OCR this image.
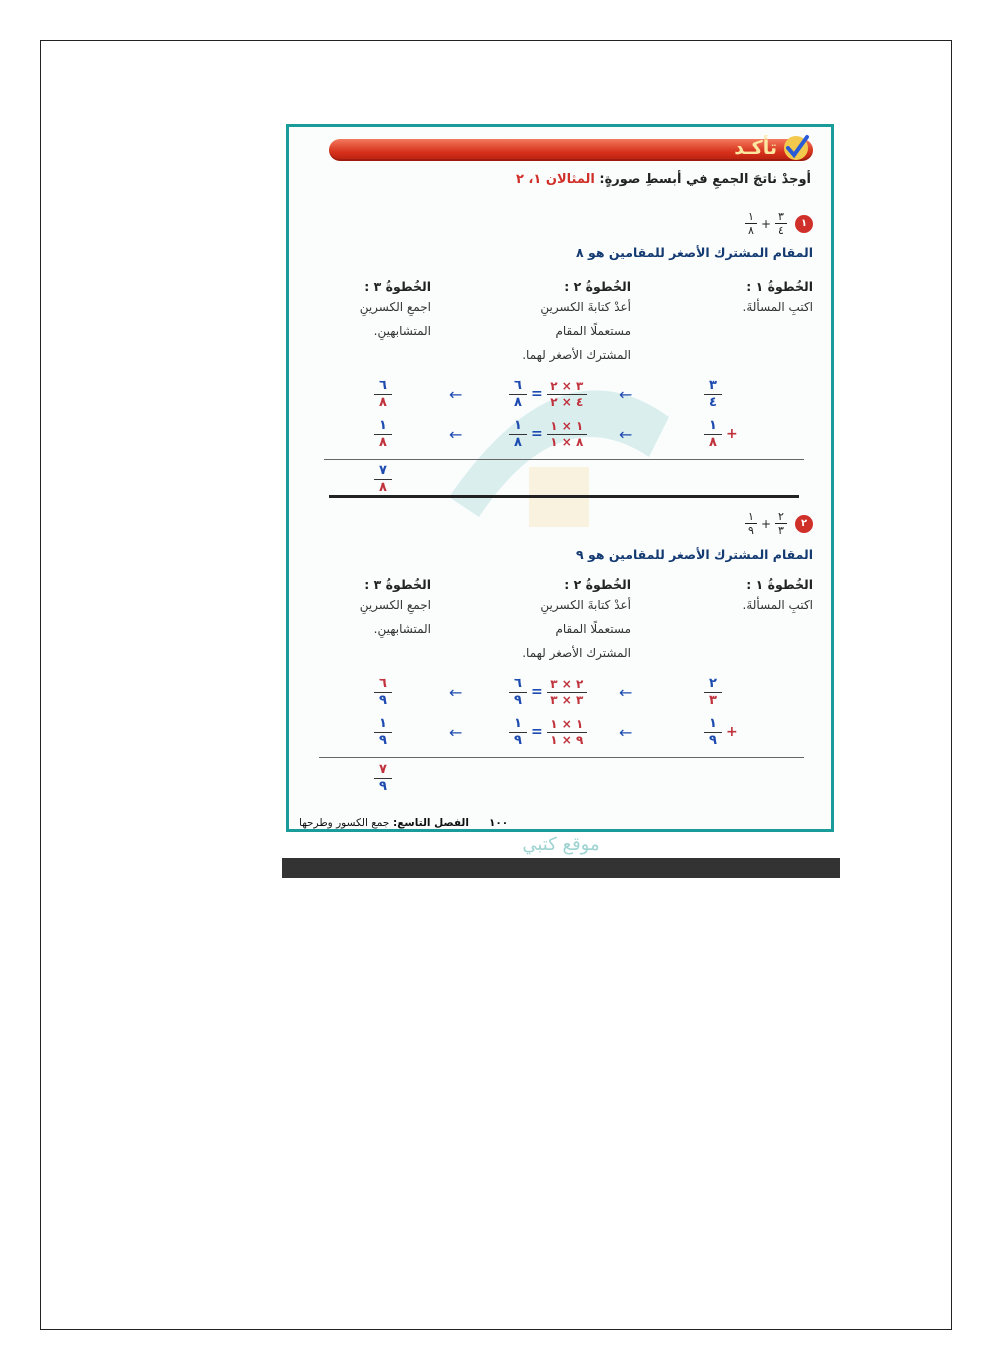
تأكـد
أوجدْ ناتجَ الجمعِ في أبسطِ صورةٍ: المثالان ١، ٢
١
$\frac{٣}{٤}$
+
$\frac{١}{٨}$
المقام المشترك الأصغر للمقامين هو ٨
الخُطوةُ ١ :
اكتبِ المسألةَ.
الخُطوةُ ٢ :
أعدْ كتابةَ الكسرينِ
مستعملًا المقام
المشترك الأصغر لهما.
الخُطوةُ ٣ :
اجمعِ الكسرينِ
المتشابهينِ.
٣
٤
←
٦
٨
=
٣ × ٢
٤ × ٢
←
٦
٨
١
٨
+
←
١
٨
=
١ × ١
٨ × ١
←
١
٨
٧
٨
٢
$\frac{٢}{٣}$
+
$\frac{١}{٩}$
المقام المشترك الأصغر للمقامين هو ٩
الخُطوةُ ١ :
اكتبِ المسألةَ.
الخُطوةُ ٢ :
أعدْ كتابةَ الكسرينِ
مستعملًا المقام
المشترك الأصغر لهما.
الخُطوةُ ٣ :
اجمعِ الكسرينِ
المتشابهينِ.
٢
٣
←
٦
٩
=
٢ × ٣
٣ × ٣
←
٦
٩
١
٩
+
←
١
٩
=
١ × ١
٩ × ١
←
١
٩
٧
٩
١٠٠
الفصل التاسع: جمع الكسور وطرحها
موقع كتبي
